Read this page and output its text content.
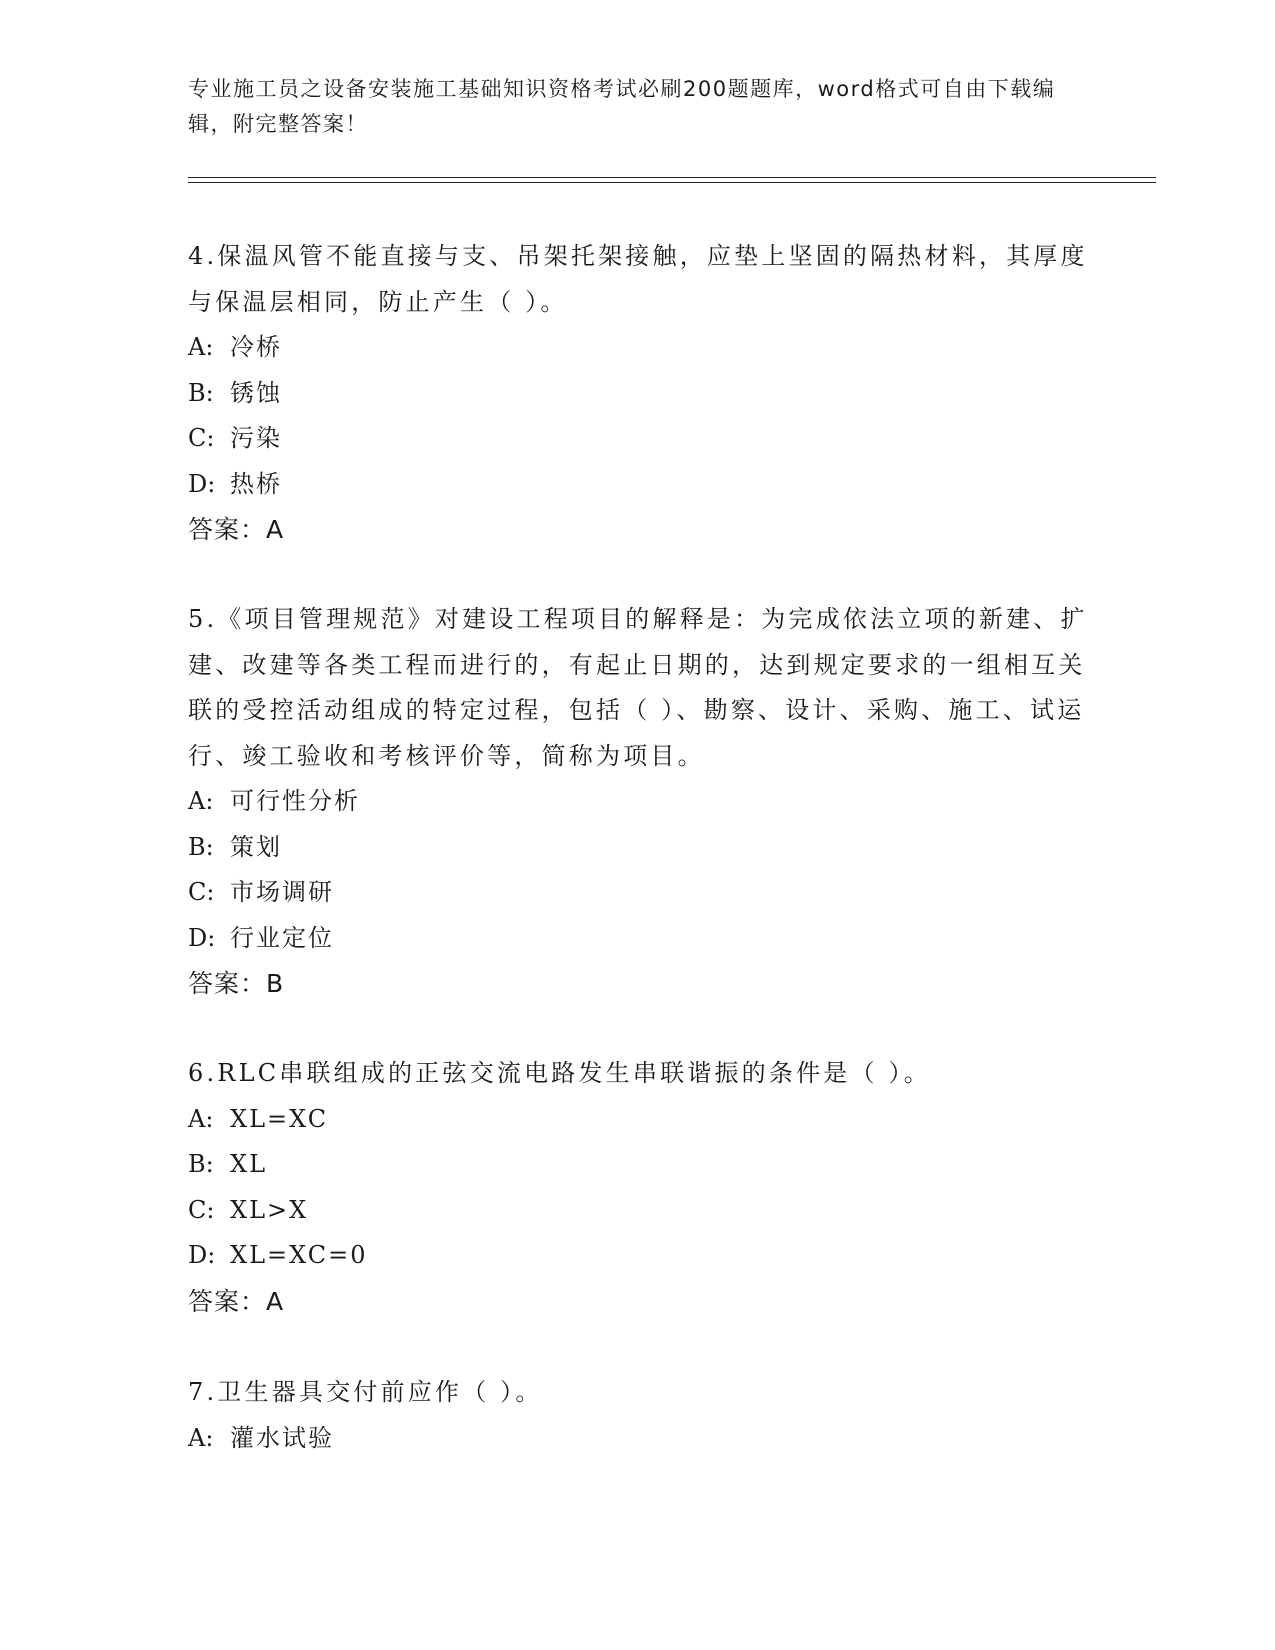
专业施工员之设备安装施工基础知识资格考试必刷200题题库，word格式可自由下载编辑，附完整答案！

4.保温风管不能直接与支、吊架托架接触，应垫上坚固的隔热材料，其厚度与保温层相同，防止产生（ ）。

A: 冷桥

B: 锈蚀

C: 污染

D: 热桥

答案：A

5.《项目管理规范》对建设工程项目的解释是：为完成依法立项的新建、扩建、改建等各类工程而进行的，有起止日期的，达到规定要求的一组相互关联的受控活动组成的特定过程，包括（ ）、勘察、设计、采购、施工、试运行、竣工验收和考核评价等，简称为项目。

A: 可行性分析

B: 策划

C: 市场调研

D: 行业定位

答案：B

6.RLC串联组成的正弦交流电路发生串联谐振的条件是（ ）。

A: XL=XC

B: XL

C: XL>X

D: XL=XC=0

答案：A

7.卫生器具交付前应作（ ）。

A: 灌水试验
